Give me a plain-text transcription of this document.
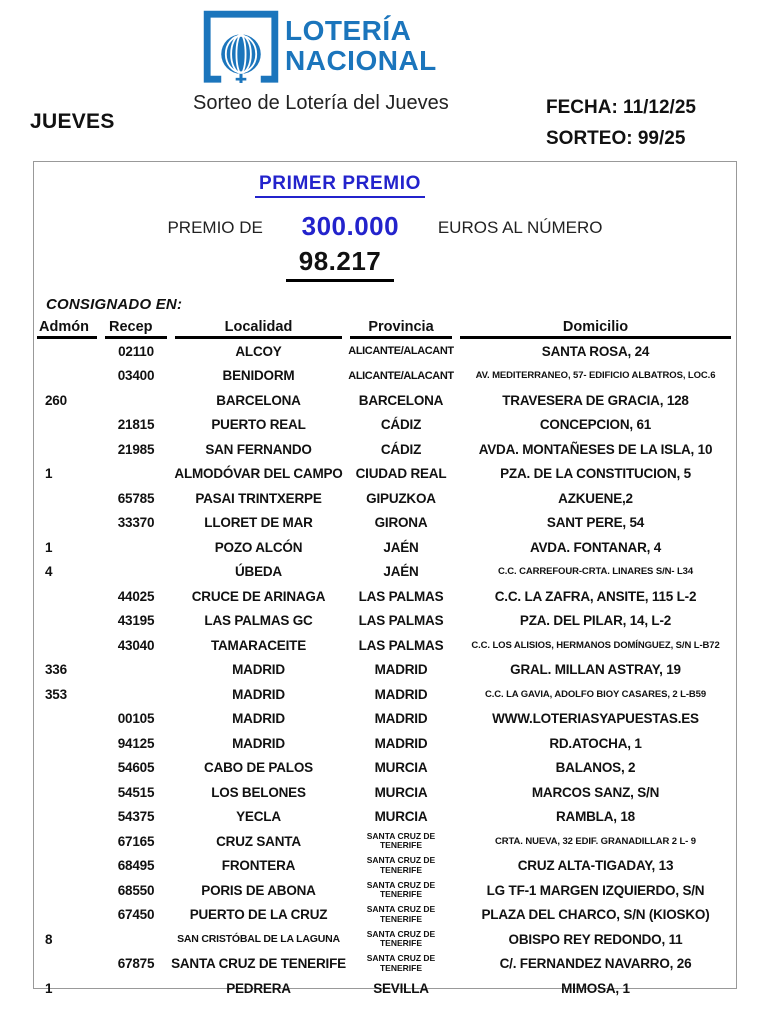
LOTERÍA
NACIONAL
JUEVES
Sorteo de Lotería del Jueves	FECHA: 11/12/25
SORTEO: 99/25
PRIMER PREMIO
PREMIO DE 300.000 EUROS AL NÚMERO
98.217
CONSIGNADO EN:
Admón	Recep	Localidad	Provincia	Domicilio

	02110	ALCOY	ALICANTE/ALACANT	SANTA ROSA, 24
	03400	BENIDORM	ALICANTE/ALACANT	AV. MEDITERRANEO, 57- EDIFICIO ALBATROS, LOC.6
260		BARCELONA	BARCELONA	TRAVESERA DE GRACIA, 128
	21815	PUERTO REAL	CÁDIZ	CONCEPCION, 61
	21985	SAN FERNANDO	CÁDIZ	AVDA. MONTAÑESES DE LA ISLA, 10
1		ALMODÓVAR DEL CAMPO	CIUDAD REAL	PZA. DE LA CONSTITUCION, 5
	65785	PASAI TRINTXERPE	GIPUZKOA	AZKUENE,2
	33370	LLORET DE MAR	GIRONA	SANT PERE, 54
1		POZO ALCÓN	JAÉN	AVDA. FONTANAR, 4
4		ÚBEDA	JAÉN	C.C. CARREFOUR-CRTA. LINARES S/N- L34
	44025	CRUCE DE ARINAGA	LAS PALMAS	C.C. LA ZAFRA, ANSITE, 115 L-2
	43195	LAS PALMAS GC	LAS PALMAS	PZA. DEL PILAR, 14, L-2
	43040	TAMARACEITE	LAS PALMAS	C.C. LOS ALISIOS, HERMANOS DOMÍNGUEZ, S/N L-B72
336		MADRID	MADRID	GRAL. MILLAN ASTRAY, 19
353		MADRID	MADRID	C.C. LA GAVIA, ADOLFO BIOY CASARES, 2 L-B59
	00105	MADRID	MADRID	WWW.LOTERIASYAPUESTAS.ES
	94125	MADRID	MADRID	RD.ATOCHA, 1
	54605	CABO DE PALOS	MURCIA	BALANOS, 2
	54515	LOS BELONES	MURCIA	MARCOS SANZ, S/N
	54375	YECLA	MURCIA	RAMBLA, 18
	67165	CRUZ SANTA	SANTA CRUZ DE TENERIFE	CRTA. NUEVA, 32 EDIF. GRANADILLAR 2 L- 9
	68495	FRONTERA	SANTA CRUZ DE TENERIFE	CRUZ ALTA-TIGADAY, 13
	68550	PORIS DE ABONA	SANTA CRUZ DE TENERIFE	LG TF-1 MARGEN IZQUIERDO, S/N
	67450	PUERTO DE LA CRUZ	SANTA CRUZ DE TENERIFE	PLAZA DEL CHARCO, S/N (KIOSKO)
8		SAN CRISTÓBAL DE LA LAGUNA	SANTA CRUZ DE TENERIFE	OBISPO REY REDONDO, 11
	67875	SANTA CRUZ DE TENERIFE	SANTA CRUZ DE TENERIFE	C/. FERNANDEZ NAVARRO, 26
1		PEDRERA	SEVILLA	MIMOSA, 1
